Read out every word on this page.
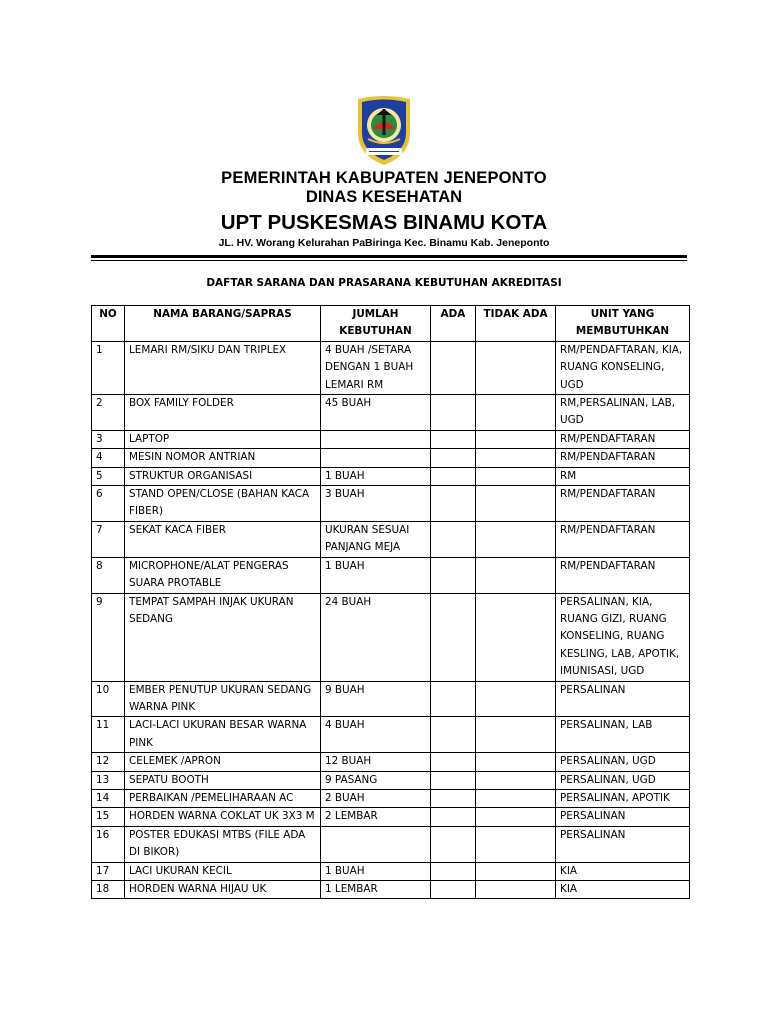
PEMERINTAH KABUPATEN JENEPONTO
DINAS KESEHATAN
UPT PUSKESMAS BINAMU KOTA
JL. HV. Worang Kelurahan PaBiringa Kec. Binamu Kab. Jeneponto
DAFTAR SARANA DAN PRASARANA KEBUTUHAN AKREDITASI
NO	NAMA BARANG/SAPRAS	JUMLAH KEBUTUHAN	ADA	TIDAK ADA	UNIT YANG MEMBUTUHKAN
1	LEMARI RM/SIKU DAN TRIPLEX	4 BUAH /SETARA DENGAN 1 BUAH LEMARI RM			RM/PENDAFTARAN, KIA, RUANG KONSELING, UGD
2	BOX FAMILY FOLDER	45 BUAH			RM,PERSALINAN, LAB, UGD
3	LAPTOP				RM/PENDAFTARAN
4	MESIN NOMOR ANTRIAN				RM/PENDAFTARAN
5	STRUKTUR ORGANISASI	1 BUAH			RM
6	STAND OPEN/CLOSE (BAHAN KACA FIBER)	3 BUAH			RM/PENDAFTARAN
7	SEKAT KACA FIBER	UKURAN SESUAI PANJANG MEJA			RM/PENDAFTARAN
8	MICROPHONE/ALAT PENGERAS SUARA PROTABLE	1 BUAH			RM/PENDAFTARAN
9	TEMPAT SAMPAH INJAK UKURAN SEDANG	24 BUAH			PERSALINAN, KIA, RUANG GIZI, RUANG KONSELING, RUANG KESLING, LAB, APOTIK, IMUNISASI, UGD
10	EMBER PENUTUP UKURAN SEDANG WARNA PINK	9 BUAH			PERSALINAN
11	LACI-LACI UKURAN BESAR WARNA PINK	4 BUAH			PERSALINAN, LAB
12	CELEMEK /APRON	12 BUAH			PERSALINAN, UGD
13	SEPATU BOOTH	9 PASANG			PERSALINAN, UGD
14	PERBAIKAN /PEMELIHARAAN AC	2 BUAH			PERSALINAN, APOTIK
15	HORDEN WARNA COKLAT UK 3X3 M	2 LEMBAR			PERSALINAN
16	POSTER EDUKASI MTBS (FILE ADA DI BIKOR)				PERSALINAN
17	LACI UKURAN KECIL	1 BUAH			KIA
18	HORDEN WARNA HIJAU UK	1 LEMBAR			KIA
